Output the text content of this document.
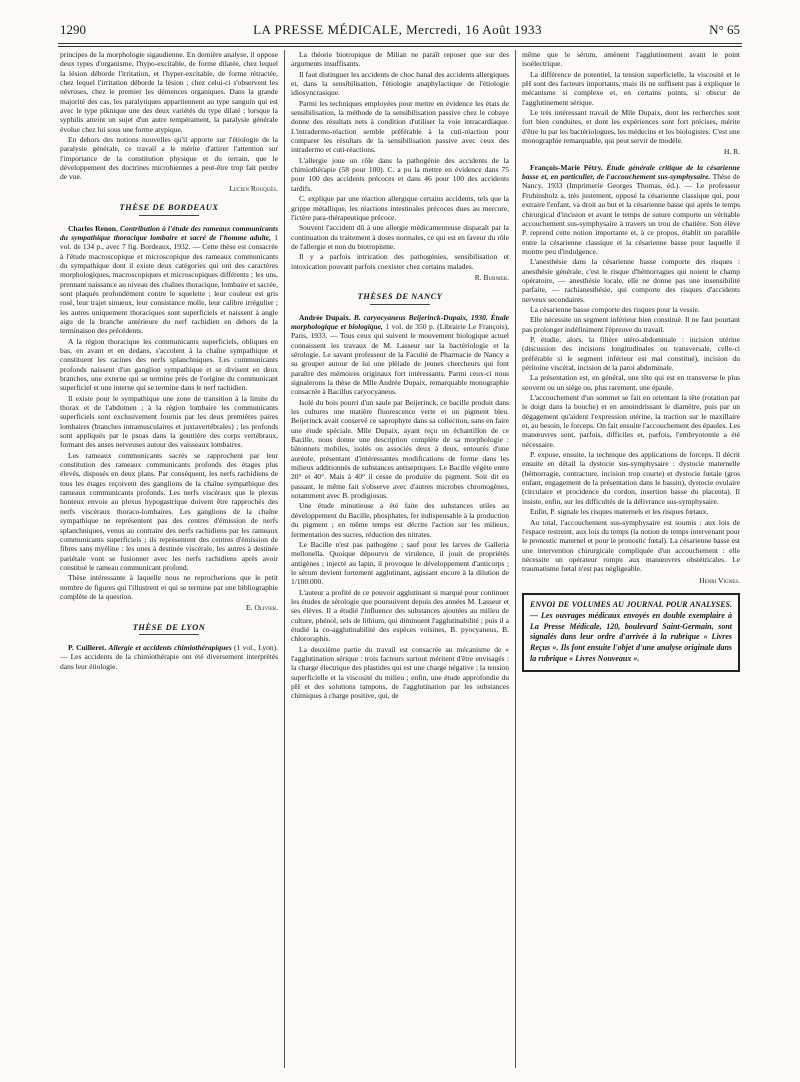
1290	LA PRESSE MÉDICALE, Mercredi, 16 Août 1933	N° 65

principes de la morphologie sigaudienne. En dernière analyse, il oppose deux types d'organisme, l'hypo-excitable, de forme dilatée, chez lequel la lésion déborde l'irritation, et l'hyper-excitable, de forme rétractée, chez lequel l'irritation déborde la lésion ; chez celui-ci s'observent les névroses, chez le premier les démences organiques. Dans la grande majorité des cas, les paralytiques appartiennent au type sanguin qui est avec le type piknique une des deux variétés du type dilaté ; lorsque la syphilis atteint un sujet d'un autre tempérament, la paralysie générale évolue chez lui sous une forme atypique.

En dehors des notions nouvelles qu'il apporte sur l'étiologie de la paralysie générale, ce travail a le mérite d'attirer l'attention sur l'importance de la constitution physique et du terrain, que le développement des doctrines microbiennes a peut-être trop fait perdre de vue.

Lucien Rouquès.

THÈSE DE BORDEAUX

Charles Renon. Contribution à l'étude des rameaux communicants du sympathique thoracique lombaire et sacré de l'homme adulte, 1 vol. de 134 p., avec 7 fig. Bordeaux, 1932. — Cette thèse est consacrée à l'étude macroscopique et microscopique des rameaux communicants du sympathique dont il existe deux catégories qui ont des caractères morphologiques, macroscopiques et microscopiques différents ; les uns, prennant naissance au niveau des chaînes thoracique, lombaire et sacrée, sont plaqués profondément contre le squelette ; leur couleur est gris rosé, leur trajet sinueux, leur consistance molle, leur calibre irrégulier ; les autres uniquement thoraciques sont superficiels et naissent à angle aigu de la branche antérieure du nerf rachidien en dehors de la terminaison des précédents.

A la région thoracique les communicants superficiels, obliques en bas, en avant et en dedans, s'accolent à la chaîne sympathique et constituent les racines des nerfs splanchniques. Les communicants profonds naissent d'un ganglion sympathique et se divisent en deux branches, une externe qui se termine près de l'origine du communicant superficiel et une interne qui se termine dans le nerf rachidien.

Il existe pour le sympathique une zone de transition à la limite du thorax et de l'abdomen ; à la région lombaire les communicants superficiels sont exclusivement fournis par les deux premières paires lombaires (branches intramusculaires et juxtavertébrales) ; les profonds sont appliqués par le psoas dans la gouttière des corps vertébraux, formant des anses nerveuses autour des vaisseaux lombaires.

Les rameaux communicants sacrés se rapprochent par leur constitution des rameaux communicants profonds des étages plus élevés, disposés en deux plans. Par conséquent, les nerfs rachidiens de tous les étages reçoivent des ganglions de la chaîne sympathique des rameaux communicants profonds. Les nerfs viscéraux que le plexus honteux envoie au plexus hypogastrique doivent être rapprochés des nerfs viscéraux thoraco-lombaires. Les ganglions de la chaîne sympathique ne représentent pas des centres d'émission de nerfs splanchniques, venus au contraire des nerfs rachidiens par les rameaux communicants superficiels ; ils représentent des centres d'émission de fibres sans myéline : les unes à destinée viscérale, les autres à destinée pariétale vont se fusionner avec les nerfs rachidiens après avoir constitué le rameau communicant profond.

Thèse intéressante à laquelle nous ne reprocherions que le petit nombre de figures qui l'illustrent et qui se termine par une bibliographie complète de la question.

E. Olivier.

THÈSE DE LYON

P. Cuilleret. Allergie et accidents chimiothérapiques (1 vol., Lyon). — Les accidents de la chimiothérapie ont été diversement interprétés dans leur étiologie.

La théorie biotropique de Milian ne paraît reposer que sur des arguments insuffisants.

Il faut distinguer les accidents de choc banal des accidents allergiques et, dans la sensibilisation, l'étiologie anaphylactique de l'étiologie idiosyncrasique.

Parmi les techniques employées pour mettre en évidence les états de sensibilisation, la méthode de la sensibilisation passive chez le cobaye donne des résultats nets à condition d'utiliser la voie intracardiaque. L'intradermo-réaction semble préférable à la cuti-réaction pour comparer les résultats de la sensibilisation passive avec ceux des intradermo et cuti-réactions.

L'allergie joue un rôle dans la pathogénie des accidents de la chimiothérapie (58 pour 100). C. a pu la mettre en évidence dans 75 pour 100 des accidents précoces et dans 46 pour 100 des accidents tardifs.

C. explique par une réaction allergique certains accidents, tels que la grippe métallique, les réactions intestinales précoces dues au mercure, l'ictère para-thérapeutique précoce.

Souvent l'accident dû à une allergie médicamenteuse disparaît par la continuation du traitement à doses normales, ce qui est en faveur du rôle de l'allergie et non du biotropisme.

Il y a parfois intrication des pathogénies, sensibilisation et intoxication pouvant parfois coexister chez certains malades.

R. Burnier.

THÈSES DE NANCY

Andrée Dupaix. B. caryocyaneus Beijerinck-Dupaix, 1930. Étude morphologique et biologique, 1 vol. de 350 p. (Librairie Le François), Paris, 1933. — Tous ceux qui suivent le mouvement biologique actuel connaissent les travaux de M. Lasseur sur la bactériologie et la sérologie. Le savant professeur de la Faculté de Pharmacie de Nancy a su grouper autour de lui une pléiade de jeunes chercheurs qui font paraître des mémoires originaux fort intéressants. Parmi ceux-ci nous signalerons la thèse de Mlle Andrée Dupaix, remarquable monographie consacrée à Bacillus caryocyaneus.

Isolé du bois pourri d'un saule par Beijerinck, ce bacille produit dans les cultures une matière fluorescence verte et un pigment bleu. Beijerinck avait conservé ce saprophyte dans sa collection, sans en faire une étude spéciale. Mlle Dupaix, ayant reçu un échantillon de ce Bacille, nous donne une description complète de sa morphologie : bâtonnets mobiles, isolés ou associés deux à deux, entourés d'une auréole, présentant d'intéressantes modifications de forme dans les milieux additionnés de substances antiseptiques. Le Bacille végète entre 20° et 40°. Mais à 40° il cesse de produire du pigment. Soit dit en passant, le même fait s'observe avec d'autres microbes chromogènes, notamment avec B. prodigiosus.

Une étude minutieuse a été faite des substances utiles au développement du Bacille, phosphates, fer indispensable à la production du pigment ; en même temps est décrite l'action sur les milieux, fermentation des sucres, réduction des nitrates.

Le Bacille n'est pas pathogène ; sauf pour les larves de Galleria mellonella. Quoique dépourvu de virulence, il jouit de propriétés antigènes ; injecté au lapin, il provoque le développement d'anticorps ; le sérum devient fortement agglutinant, agissant encore à la dilution de 1/100.000.

L'auteur a profité de ce pouvoir agglutinant si marqué pour continuer les études de sérologie que poursuivent depuis des années M. Lasseur et ses élèves. Il a étudié l'influence des substances ajoutées au milieu de culture, phénol, sels de lithium, qui diminuent l'agglutinabilité ; puis il a étudié la co-agglutinabilité des espèces voisines, B. pyocyaneus, B. chlororaphis.

La deuxième partie du travail est consacrée au mécanisme de « l'agglutination sérique : trois facteurs surtout méritent d'être envisagés : la charge électrique des plastides qui est une charge négative ; la tension superficielle et la viscosité du milieu ; enfin, une étude approfondie du pH et des solutions tampons, de l'agglutination par les substances chimiques à charge positive, qui, de

même que le sérum, amènent l'agglutinement avant le point isoélectrique.

La différence de potentiel, la tension superficielle, la viscosité et le pH sont des facteurs importants, mais ils ne suffisent pas à expliquer le mécanisme si complexe et, en certains points, si obscur de l'agglutinement sérique.

Le très intéressant travail de Mlle Dupaix, dont les recherches sont fort bien conduites, et dont les expériences sont fort précises, mérite d'être lu par les bactériologues, les médecins et les biologistes. C'est une monographie remarquable, qui peut servir de modèle.

H. R.

François-Marie Pétry. Étude générale critique de la césarienne basse et, en particulier, de l'accouchement sus-symphysaire. Thèse de Nancy, 1933 (Imprimerie Georges Thomas, éd.). — Le professeur Fruhinsholz a, très justement, opposé la césarienne classique qui, pour extraire l'enfant, va droit au but et la césarienne basse qui après le temps chirurgical d'incision et avant le temps de suture comporte un véritable accouchement sus-symphysaire à travers un trou de chatière. Son élève P. reprend cette notion importante et, à ce propos, établit un parallèle entre la césarienne classique et la césarienne basse pour laquelle il montre peu d'indulgence.

L'anesthésie dans la césarienne basse comporte des risques : anesthésie générale, c'est le risque d'hémorragies qui noient le champ opératoire, — anesthésie locale, elle ne donne pas une insensibilité parfaite, — rachianesthésie, qui comporte des risques d'accidents nerveux secondaires.

La césarienne basse comporte des risques pour la vessie.

Elle nécessite un segment inférieur bien constitué. Il ne faut pourtant pas prolonger indéfiniment l'épreuve du travail.

P. étudie, alors, la filière utéro-abdominale : incision utérine (discussion des incisions longitudinales ou transversale, celle-ci préférable si le segment inférieur est mal constitué), incision du péritoine viscéral, incision de la paroi abdominale.

La présentation est, en général, une tête qui est en transverse le plus souvent ou un siège ou, plus rarement, une épaule.

L'accouchement d'un sommet se fait en orientant la tête (rotation par le doigt dans la bouche) et en amoindrissant le diamètre, puis par un dégagement qu'aident l'expression utérine, la traction sur le maxillaire et, au besoin, le forceps. On fait ensuite l'accouchement des épaules. Les manœuvres sont, parfois, difficiles et, parfois, l'embryotomie a été nécessaire.

P. expose, ensuite, la technique des applications de forceps. Il décrit ensuite en détail la dystocie sus-symphysaire : dystocie maternelle (hémorragie, contracture, incision trop courte) et dystocie fœtale (gros enfant, engagement de la présentation dans le bassin), dystocie ovulaire (circulaire et procidence du cordon, insertion basse du placenta). Il insiste, enfin, sur les difficultés de la délivrance sus-symphysaire.

Enfin, P. signale les risques maternels et les risques fœtaux.

Au total, l'accouchement sus-symphysaire est soumis : aux lois de l'espace restreint, aux lois du temps (la notion de temps intervenant pour le pronostic maternel et pour le pronostic fœtal). La césarienne basse est une intervention chirurgicale compliquée d'un accouchement : elle nécessite un opérateur rompu aux manœuvres obstétricales. Le traumatisme fœtal n'est pas négligeable.

Henri Vignes.

ENVOI DE VOLUMES AU JOURNAL POUR ANALYSES. — Les ouvrages médicaux envoyés en double exemplaire à La Presse Médicale, 120, boulevard Saint-Germain, sont signalés dans leur ordre d'arrivée à la rubrique « Livres Reçus ». Ils font ensuite l'objet d'une analyse originale dans la rubrique « Livres Nouveaux ».
